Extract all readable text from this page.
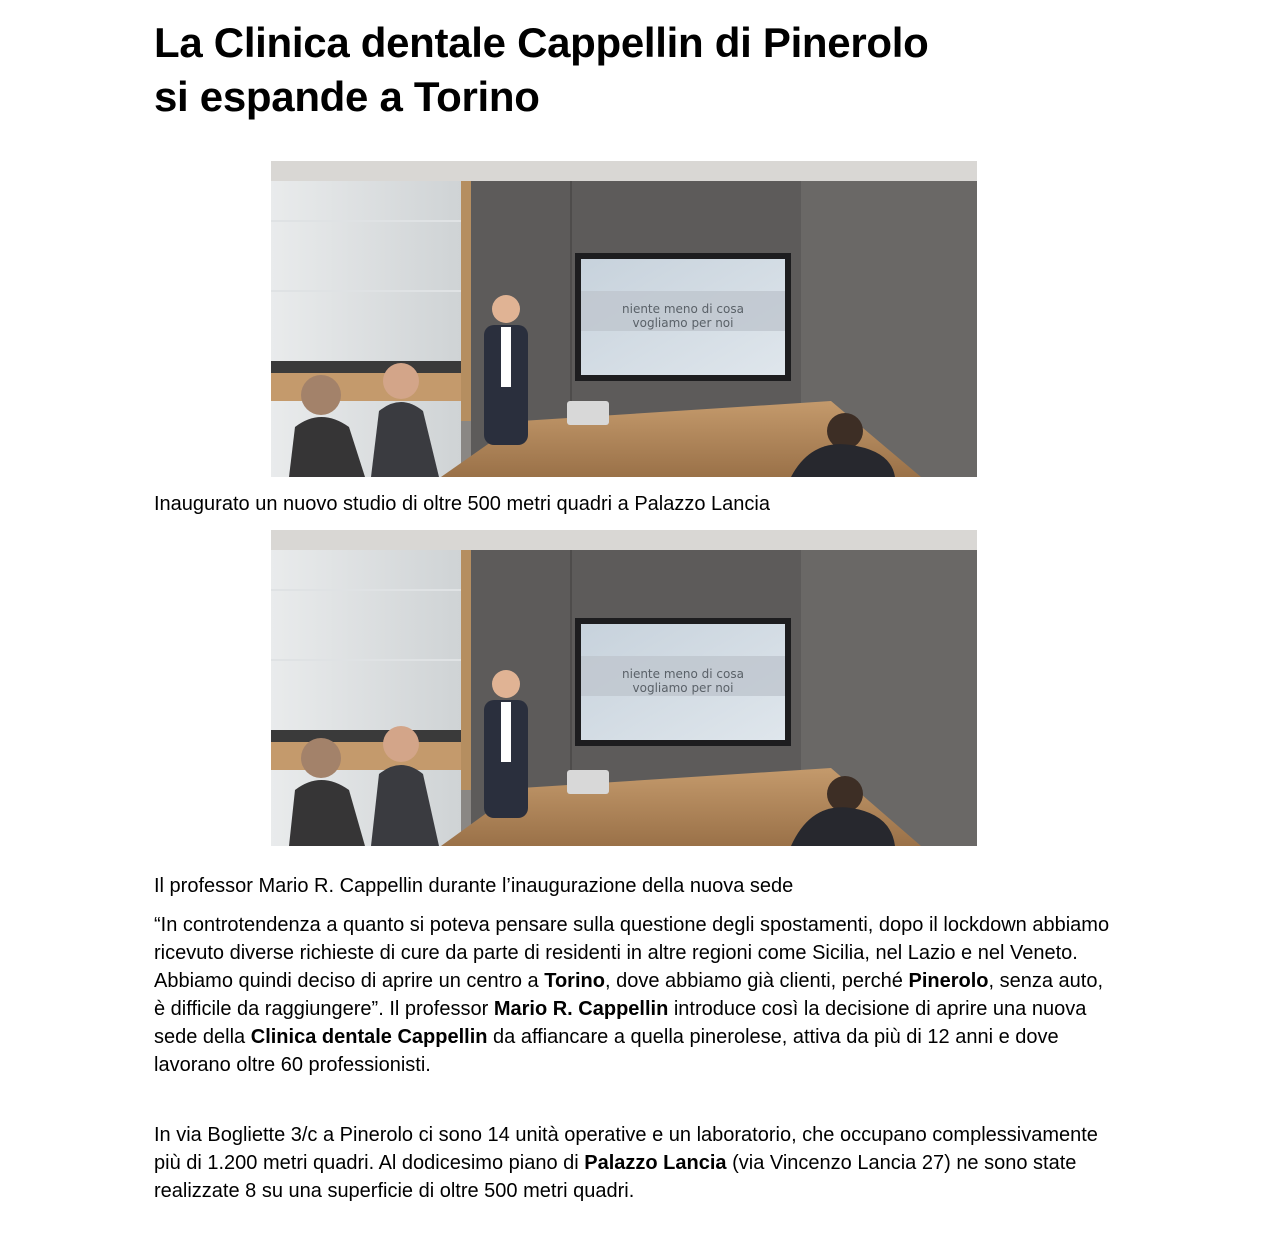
La Clinica dentale Cappellin di Pinerolo
si espande a Torino
niente meno di cosa
vogliamo per noi

Inaugurato un nuovo studio di oltre 500 metri quadri a Palazzo Lancia

niente meno di cosa
vogliamo per noi

Il professor Mario R. Cappellin durante l’inaugurazione della nuova sede

“In controtendenza a quanto si poteva pensare sulla questione degli spostamenti, dopo il lockdown abbiamo ricevuto diverse richieste di cure da parte di residenti in altre regioni come Sicilia, nel Lazio e nel Veneto. Abbiamo quindi deciso di aprire un centro a Torino, dove abbiamo già clienti, perché Pinerolo, senza auto, è difficile da raggiungere”. Il professor Mario R. Cappellin introduce così la decisione di aprire una nuova sede della Clinica dentale Cappellin da affiancare a quella pinerolese, attiva da più di 12 anni e dove lavorano oltre 60 professionisti.

In via Bogliette 3/c a Pinerolo ci sono 14 unità operative e un laboratorio, che occupano complessivamente più di 1.200 metri quadri. Al dodicesimo piano di Palazzo Lancia (via Vincenzo Lancia 27) ne sono state realizzate 8 su una superficie di oltre 500 metri quadri.
